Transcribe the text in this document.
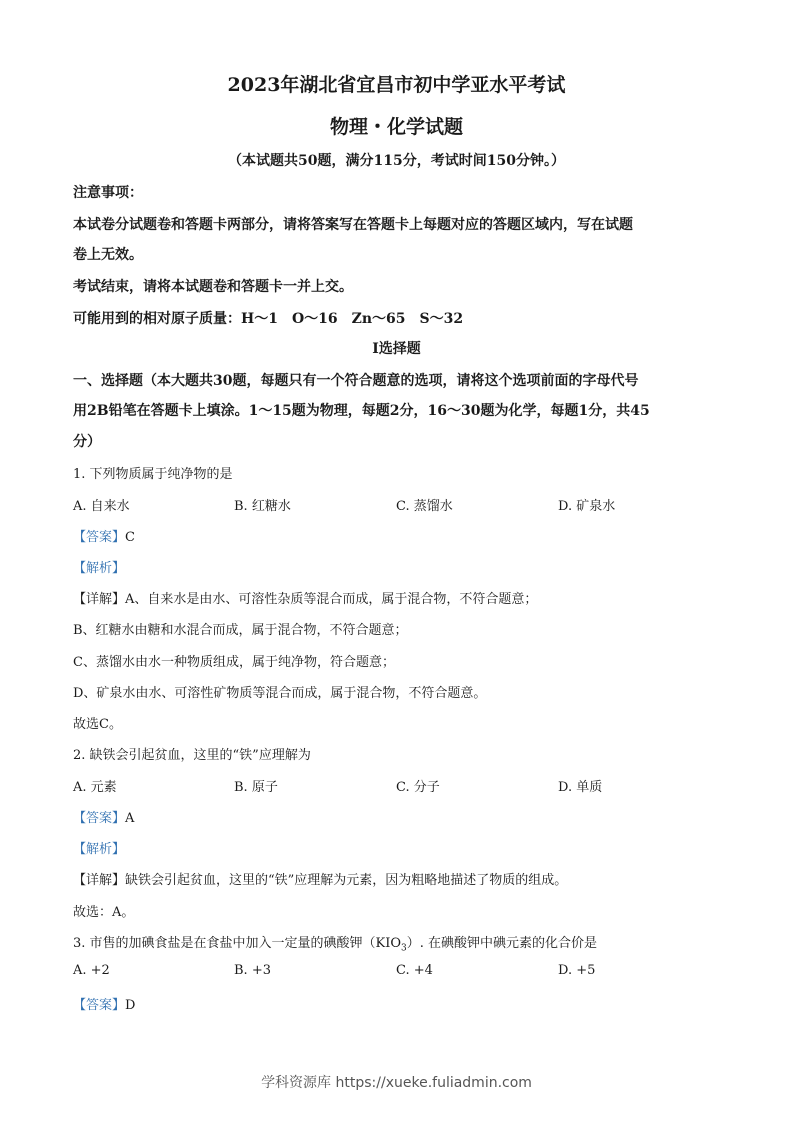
2023年湖北省宜昌市初中学亚水平考试
物理・化学试题
（本试题共50题，满分115分，考试时间150分钟。）
注意事项：
本试卷分试题卷和答题卡两部分，请将答案写在答题卡上每题对应的答题区域内，写在试题
卷上无效。
考试结束，请将本试题卷和答题卡一并上交。
可能用到的相对原子质量：H～1　O～16　Zn～65　S～32
Ⅰ选择题
一、选择题（本大题共30题，每题只有一个符合题意的选项，请将这个选项前面的字母代号
用2B铅笔在答题卡上填涂。1～15题为物理，每题2分，16～30题为化学，每题1分，共45
分）
1. 下列物质属于纯净物的是
A. 自来水	B. 红糖水	C. 蒸馏水	D. 矿泉水
【答案】C
【解析】
【详解】A、自来水是由水、可溶性杂质等混合而成，属于混合物，不符合题意；
B、红糖水由糖和水混合而成，属于混合物，不符合题意；
C、蒸馏水由水一种物质组成，属于纯净物，符合题意；
D、矿泉水由水、可溶性矿物质等混合而成，属于混合物，不符合题意。
故选C。
2. 缺铁会引起贫血，这里的“铁”应理解为
A. 元素	B. 原子	C. 分子	D. 单质
【答案】A
【解析】
【详解】缺铁会引起贫血，这里的“铁”应理解为元素，因为粗略地描述了物质的组成。
故选：A。
3. 市售的加碘食盐是在食盐中加入一定量的碘酸钾$(KIO_3)$. 在碘酸钾中碘元素的化合价是
A. +2	B. +3	C. +4	D. +5
【答案】D
学科资源库 https://xueke.fuliadmin.com
